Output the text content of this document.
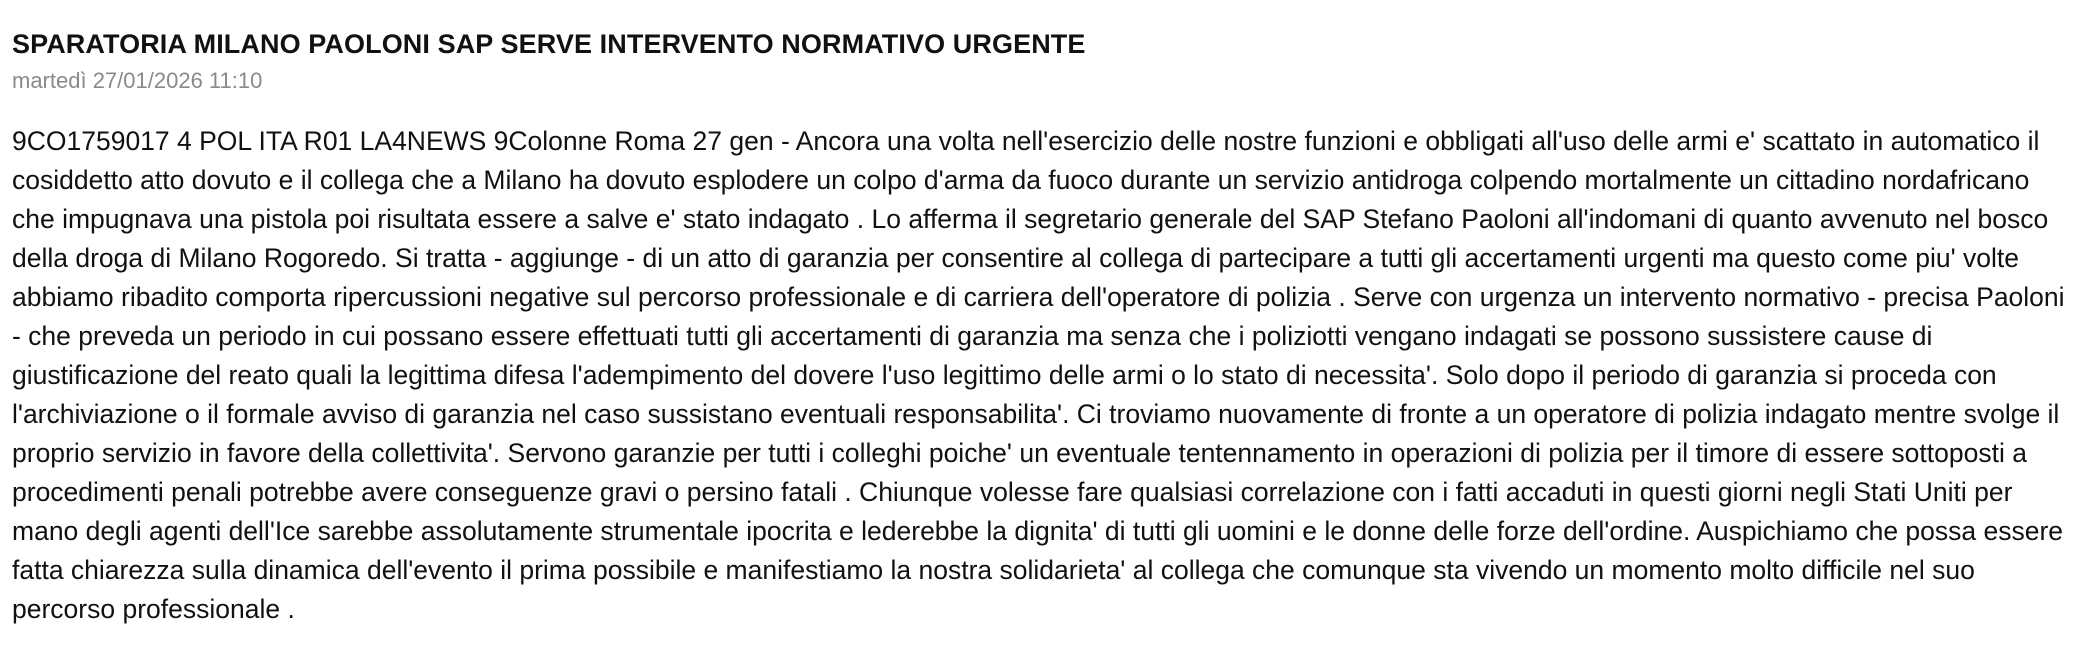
SPARATORIA MILANO PAOLONI SAP SERVE INTERVENTO NORMATIVO URGENTE
martedì 27/01/2026 11:10
9CO1759017 4 POL ITA R01 LA4NEWS 9Colonne Roma 27 gen - Ancora una volta nell'esercizio delle nostre funzioni e obbligati all'uso delle armi e' scattato in automatico il cosiddetto atto dovuto e il collega che a Milano ha dovuto esplodere un colpo d'arma da fuoco durante un servizio antidroga colpendo mortalmente un cittadino nordafricano che impugnava una pistola poi risultata essere a salve e' stato indagato . Lo afferma il segretario generale del SAP Stefano Paoloni all'indomani di quanto avvenuto nel bosco della droga di Milano Rogoredo. Si tratta - aggiunge - di un atto di garanzia per consentire al collega di partecipare a tutti gli accertamenti urgenti ma questo come piu' volte abbiamo ribadito comporta ripercussioni negative sul percorso professionale e di carriera dell'operatore di polizia . Serve con urgenza un intervento normativo - precisa Paoloni - che preveda un periodo in cui possano essere effettuati tutti gli accertamenti di garanzia ma senza che i poliziotti vengano indagati se possono sussistere cause di giustificazione del reato quali la legittima difesa l'adempimento del dovere l'uso legittimo delle armi o lo stato di necessita'. Solo dopo il periodo di garanzia si proceda con l'archiviazione o il formale avviso di garanzia nel caso sussistano eventuali responsabilita'. Ci troviamo nuovamente di fronte a un operatore di polizia indagato mentre svolge il proprio servizio in favore della collettivita'. Servono garanzie per tutti i colleghi poiche' un eventuale tentennamento in operazioni di polizia per il timore di essere sottoposti a procedimenti penali potrebbe avere conseguenze gravi o persino fatali . Chiunque volesse fare qualsiasi correlazione con i fatti accaduti in questi giorni negli Stati Uniti per mano degli agenti dell'Ice sarebbe assolutamente strumentale ipocrita e lederebbe la dignita' di tutti gli uomini e le donne delle forze dell'ordine. Auspichiamo che possa essere fatta chiarezza sulla dinamica dell'evento il prima possibile e manifestiamo la nostra solidarieta' al collega che comunque sta vivendo un momento molto difficile nel suo percorso professionale .
